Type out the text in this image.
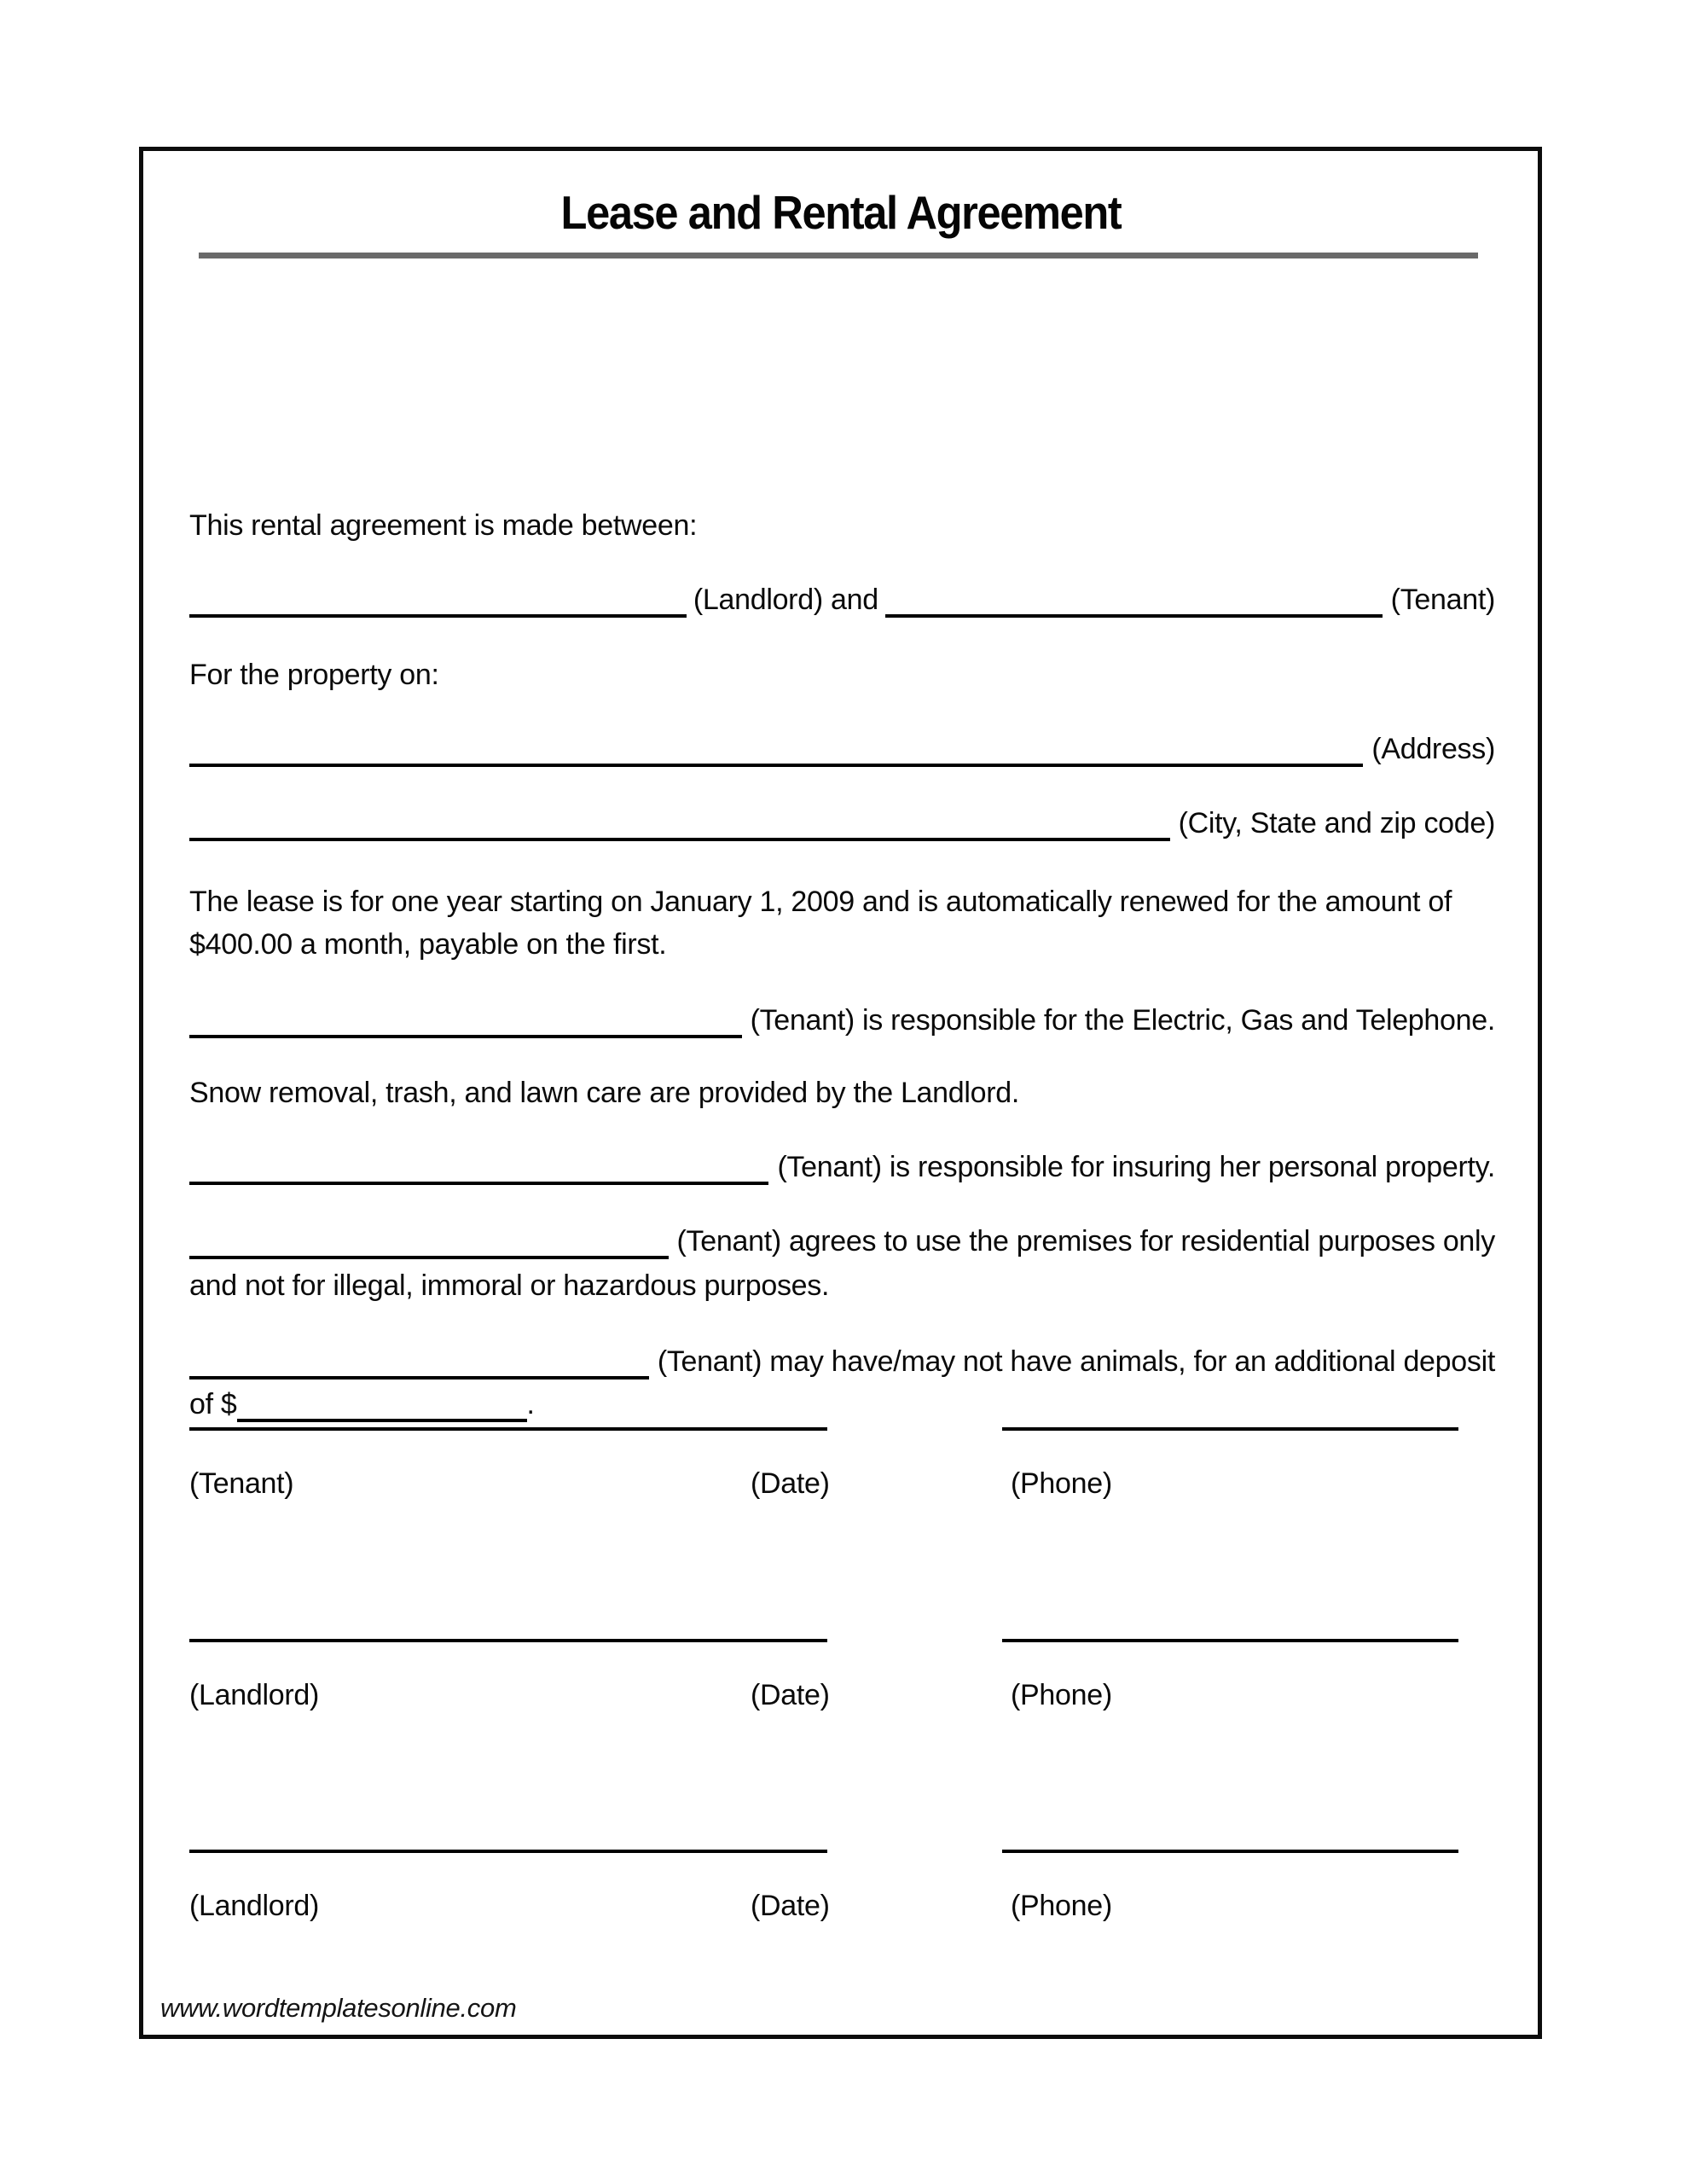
Lease and Rental Agreement
This rental agreement is made between:
(Landlord) and	(Tenant)
For the property on:
(Address)
(City, State and zip code)
The lease is for one year starting on January 1, 2009 and is automatically renewed for the amount of $400.00 a month, payable on the first.
(Tenant) is responsible for the Electric, Gas and Telephone.
Snow removal, trash, and lawn care are provided by the Landlord.
(Tenant) is responsible for insuring her personal property.
(Tenant) agrees to use the premises for residential purposes only
and not for illegal, immoral or hazardous purposes.
(Tenant) may have/may not have animals, for an additional deposit
of $	.
(Tenant)	(Date)	(Phone)
(Landlord)	(Date)	(Phone)
(Landlord)	(Date)	(Phone)
www.wordtemplatesonline.com
